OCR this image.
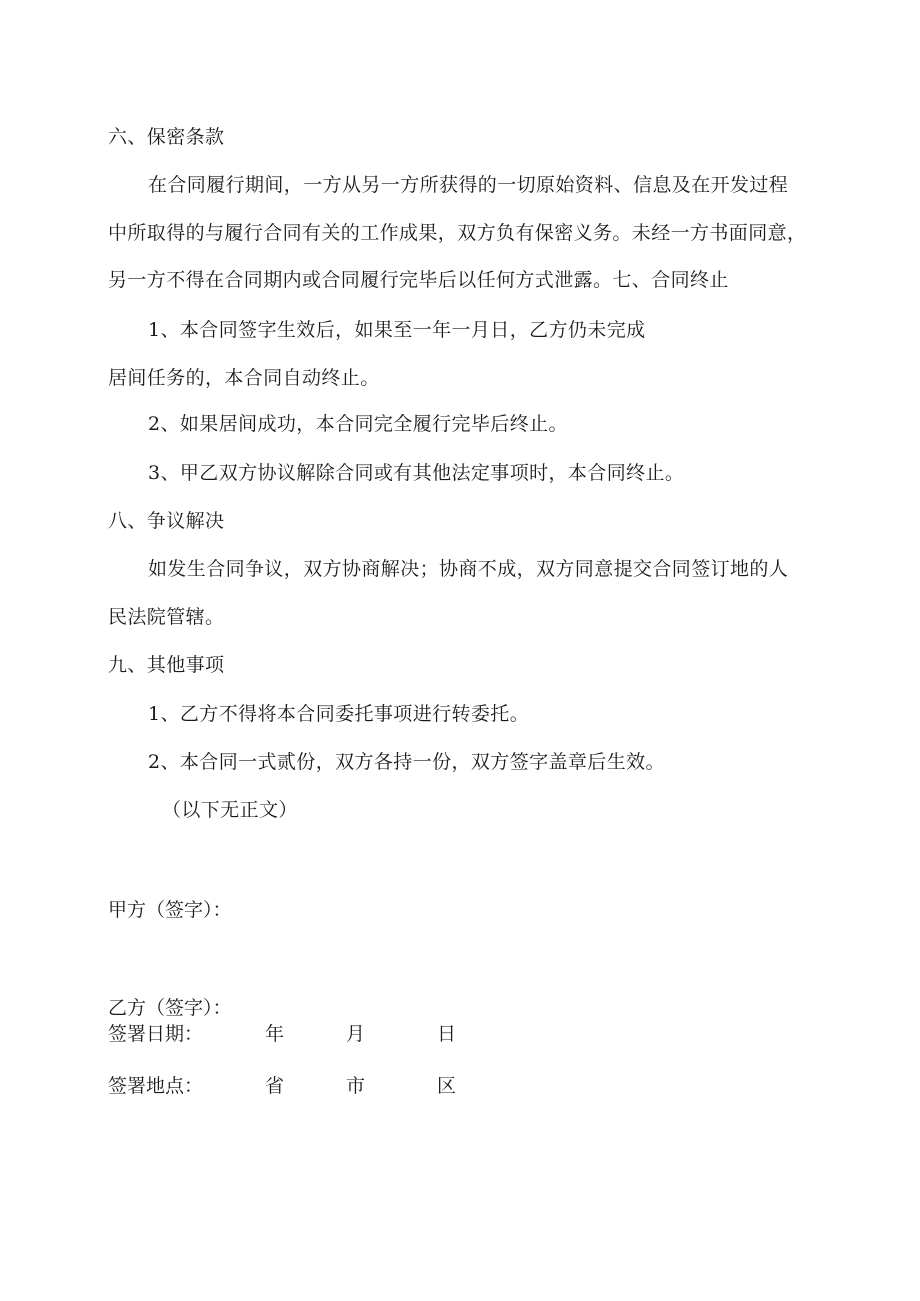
六、保密条款
在合同履行期间，一方从另一方所获得的一切原始资料、信息及在开发过程
中所取得的与履行合同有关的工作成果，双方负有保密义务。未经一方书面同意，
另一方不得在合同期内或合同履行完毕后以任何方式泄露。七、合同终止
1、本合同签字生效后，如果至一年一月日，乙方仍未完成
居间任务的，本合同自动终止。
2、如果居间成功，本合同完全履行完毕后终止。
3、甲乙双方协议解除合同或有其他法定事项时，本合同终止。
八、争议解决
如发生合同争议，双方协商解决；协商不成，双方同意提交合同签订地的人
民法院管辖。
九、其他事项
1、乙方不得将本合同委托事项进行转委托。
2、本合同一式贰份，双方各持一份，双方签字盖章后生效。
（以下无正文）
甲方（签字）：
乙方（签字）：
签署日期：	年	月	日
签署地点：	省	市	区
